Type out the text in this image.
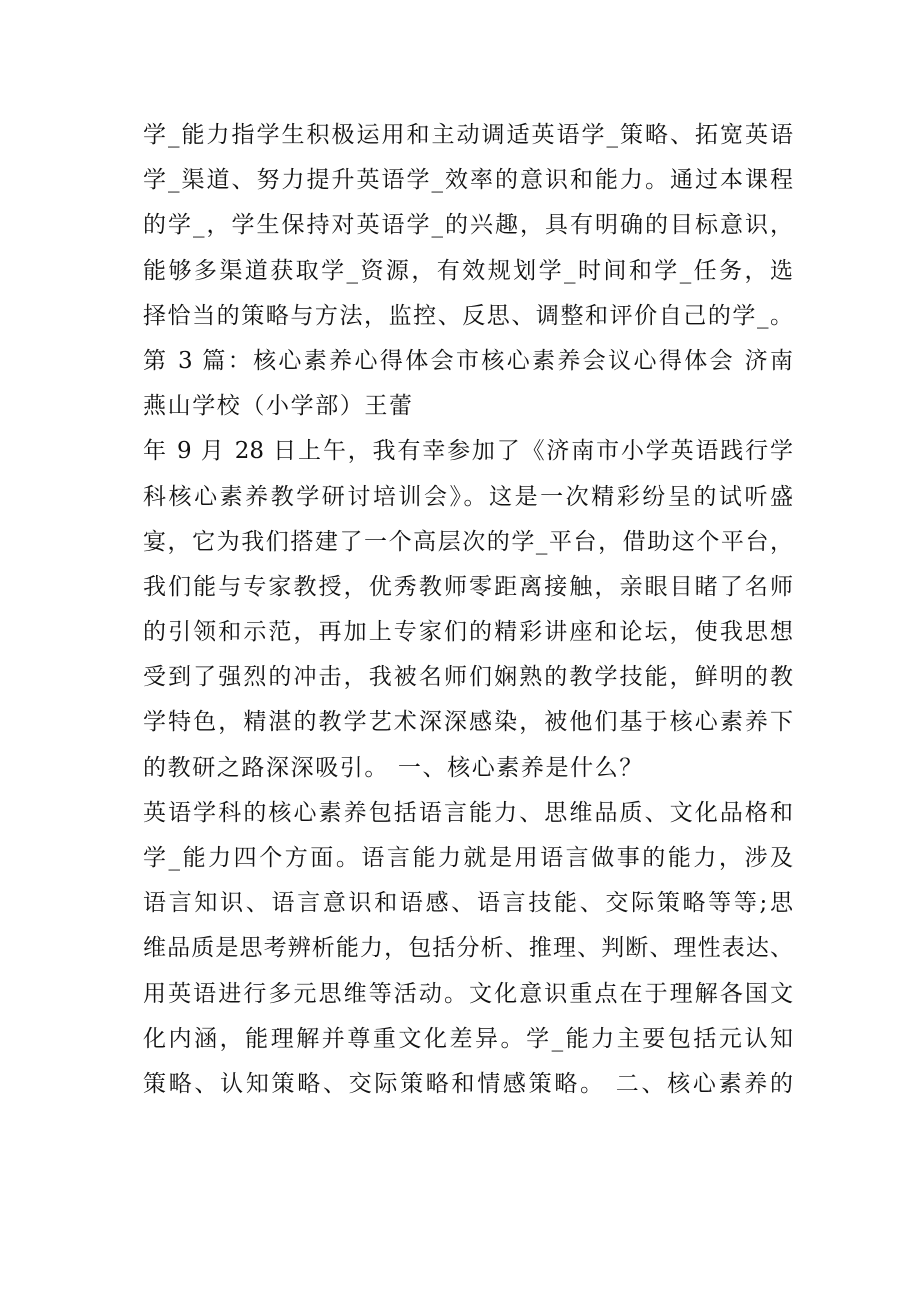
学_能力指学生积极运用和主动调适英语学_策略、拓宽英语
学_渠道、努力提升英语学_效率的意识和能力。通过本课程
的学_，学生保持对英语学_的兴趣，具有明确的目标意识，
能够多渠道获取学_资源，有效规划学_时间和学_任务，选
择恰当的策略与方法，监控、反思、调整和评价自己的学_。
第 3 篇：核心素养心得体会市核心素养会议心得体会 济南
燕山学校（小学部）王蕾
年 9 月 28 日上午，我有幸参加了《济南市小学英语践行学
科核心素养教学研讨培训会》。这是一次精彩纷呈的试听盛
宴，它为我们搭建了一个高层次的学_平台，借助这个平台，
我们能与专家教授，优秀教师零距离接触，亲眼目睹了名师
的引领和示范，再加上专家们的精彩讲座和论坛，使我思想
受到了强烈的冲击，我被名师们娴熟的教学技能，鲜明的教
学特色，精湛的教学艺术深深感染，被他们基于核心素养下
的教研之路深深吸引。 一、核心素养是什么？
英语学科的核心素养包括语言能力、思维品质、文化品格和
学_能力四个方面。语言能力就是用语言做事的能力，涉及
语言知识、语言意识和语感、语言技能、交际策略等等;思
维品质是思考辨析能力，包括分析、推理、判断、理性表达、
用英语进行多元思维等活动。文化意识重点在于理解各国文
化内涵，能理解并尊重文化差异。学_能力主要包括元认知
策略、认知策略、交际策略和情感策略。 二、核心素养的
